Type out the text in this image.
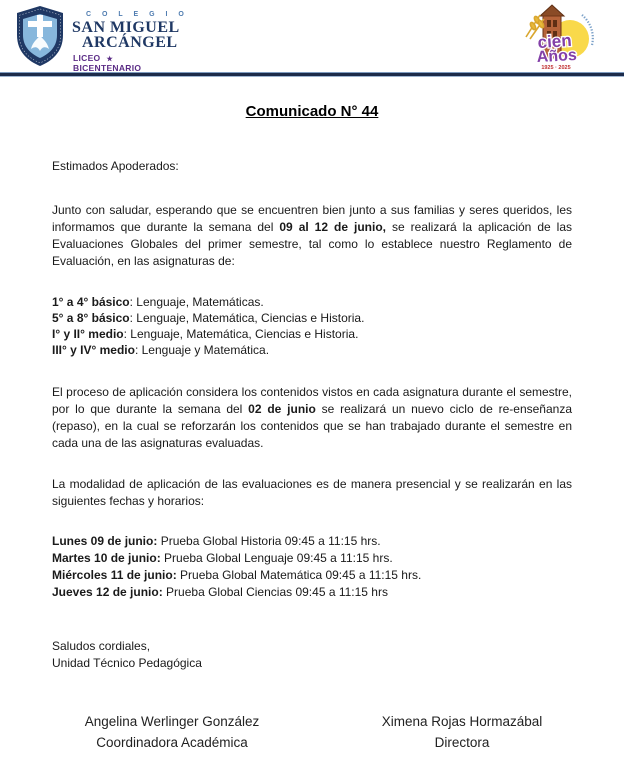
C O L E G I O
SAN MIGUEL
ARCÁNGEL
LICEO ★
BICENTENARIO
cien
Años
1925 · 2025
Comunicado N° 44
Estimados Apoderados:

Junto con saludar, esperando que se encuentren bien junto a sus familias y seres queridos, les informamos que durante la semana del 09 al 12 de junio, se realizará la aplicación de las Evaluaciones Globales del primer semestre, tal como lo establece nuestro Reglamento de Evaluación, en las asignaturas de:

1° a 4° básico: Lenguaje, Matemáticas.
5° a 8° básico: Lenguaje, Matemática, Ciencias e Historia.
I° y II° medio: Lenguaje, Matemática, Ciencias e Historia.
III° y IV° medio: Lenguaje y Matemática.

El proceso de aplicación considera los contenidos vistos en cada asignatura durante el semestre, por lo que durante la semana del 02 de junio se realizará un nuevo ciclo de re-enseñanza (repaso), en la cual se reforzarán los contenidos que se han trabajado durante el semestre en cada una de las asignaturas evaluadas.

La modalidad de aplicación de las evaluaciones es de manera presencial y se realizarán en las siguientes fechas y horarios:

Lunes 09 de junio: Prueba Global Historia 09:45 a 11:15 hrs.
Martes 10 de junio: Prueba Global Lenguaje 09:45 a 11:15 hrs.
Miércoles 11 de junio: Prueba Global Matemática 09:45 a 11:15 hrs.
Jueves 12 de junio: Prueba Global Ciencias 09:45 a 11:15 hrs
Saludos cordiales,
Unidad Técnico Pedagógica
Angelina Werlinger González
Coordinadora Académica
Ximena Rojas Hormazábal
Directora
